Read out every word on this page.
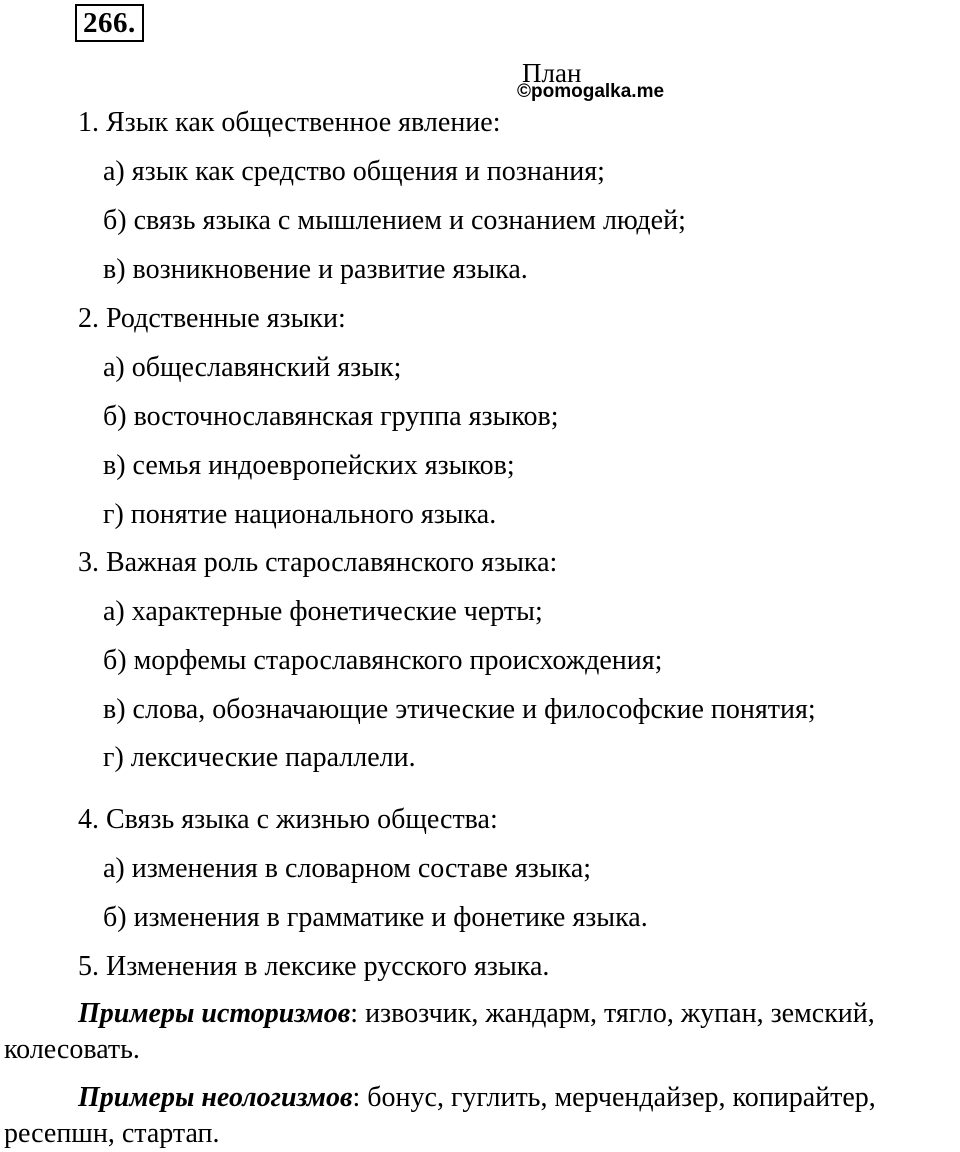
266.
План
©pomogalka.me
1. Язык как общественное явление:
а) язык как средство общения и познания;
б) связь языка с мышлением и сознанием людей;
в) возникновение и развитие языка.
2. Родственные языки:
а) общеславянский язык;
б) восточнославянская группа языков;
в) семья индоевропейских языков;
г) понятие национального языка.
3. Важная роль старославянского языка:
а) характерные фонетические черты;
б) морфемы старославянского происхождения;
в) слова, обозначающие этические и философские понятия;
г) лексические параллели.
4. Связь языка с жизнью общества:
а) изменения в словарном составе языка;
б) изменения в грамматике и фонетике языка.
5. Изменения в лексике русского языка.
Примеры историзмов: извозчик, жандарм, тягло, жупан, земский, колесовать.
Примеры неологизмов: бонус, гуглить, мерчендайзер, копирайтер, ресепшн, стартап.
